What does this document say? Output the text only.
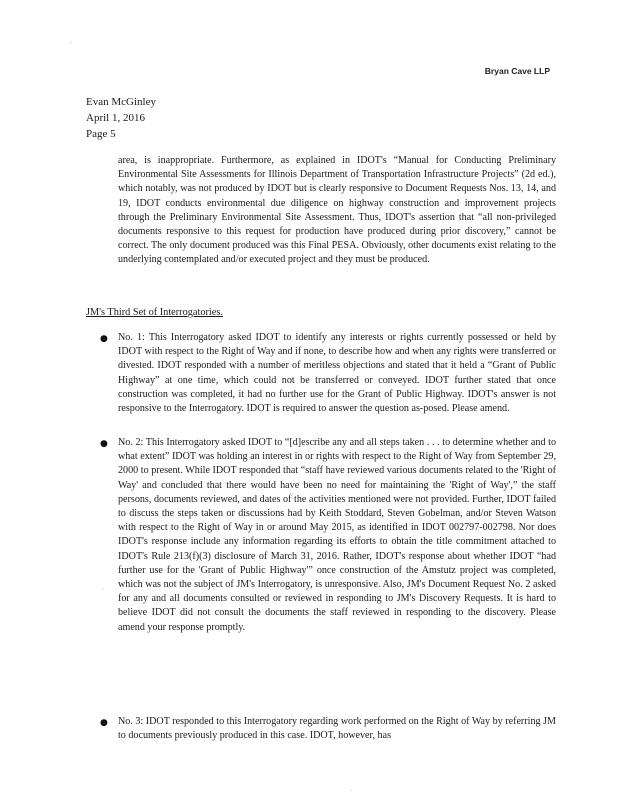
·
Bryan Cave LLP
Evan McGinley
April 1, 2016
Page 5
area, is inappropriate. Furthermore, as explained in IDOT's “Manual for Conducting Preliminary Environmental Site Assessments for Illinois Department of Transportation Infrastructure Projects” (2d ed.), which notably, was not produced by IDOT but is clearly responsive to Document Requests Nos. 13, 14, and 19, IDOT conducts environmental due diligence on highway construction and improvement projects through the Preliminary Environmental Site Assessment. Thus, IDOT's assertion that “all non-privileged documents responsive to this request for production have produced during prior discovery,” cannot be correct. The only document produced was this Final PESA. Obviously, other documents exist relating to the underlying contemplated and/or executed project and they must be produced.
JM's Third Set of Interrogatories.
● No. 1: This Interrogatory asked IDOT to identify any interests or rights currently possessed or held by IDOT with respect to the Right of Way and if none, to describe how and when any rights were transferred or divested. IDOT responded with a number of meritless objections and stated that it held a “Grant of Public Highway” at one time, which could not be transferred or conveyed. IDOT further stated that once construction was completed, it had no further use for the Grant of Public Highway. IDOT's answer is not responsive to the Interrogatory. IDOT is required to answer the question as-posed. Please amend.
● No. 2: This Interrogatory asked IDOT to “[d]escribe any and all steps taken . . . to determine whether and to what extent” IDOT was holding an interest in or rights with respect to the Right of Way from September 29, 2000 to present. While IDOT responded that “staff have reviewed various documents related to the 'Right of Way' and concluded that there would have been no need for maintaining the 'Right of Way',” the staff persons, documents reviewed, and dates of the activities mentioned were not provided. Further, IDOT failed to discuss the steps taken or discussions had by Keith Stoddard, Steven Gobelman, and/or Steven Watson with respect to the Right of Way in or around May 2015, as identified in IDOT 002797-002798. Nor does IDOT's response include any information regarding its efforts to obtain the title commitment attached to IDOT's Rule 213(f)(3) disclosure of March 31, 2016. Rather, IDOT's response about whether IDOT “had further use for the 'Grant of Public Highway'” once construction of the Amstutz project was completed, which was not the subject of JM's Interrogatory, is unresponsive. Also, JM's Document Request No. 2 asked for any and all documents consulted or reviewed in responding to JM's Discovery Requests. It is hard to believe IDOT did not consult the documents the staff reviewed in responding to the discovery. Please amend your response promptly.
● No. 3: IDOT responded to this Interrogatory regarding work performed on the Right of Way by referring JM to documents previously produced in this case. IDOT, however, has
·
·
